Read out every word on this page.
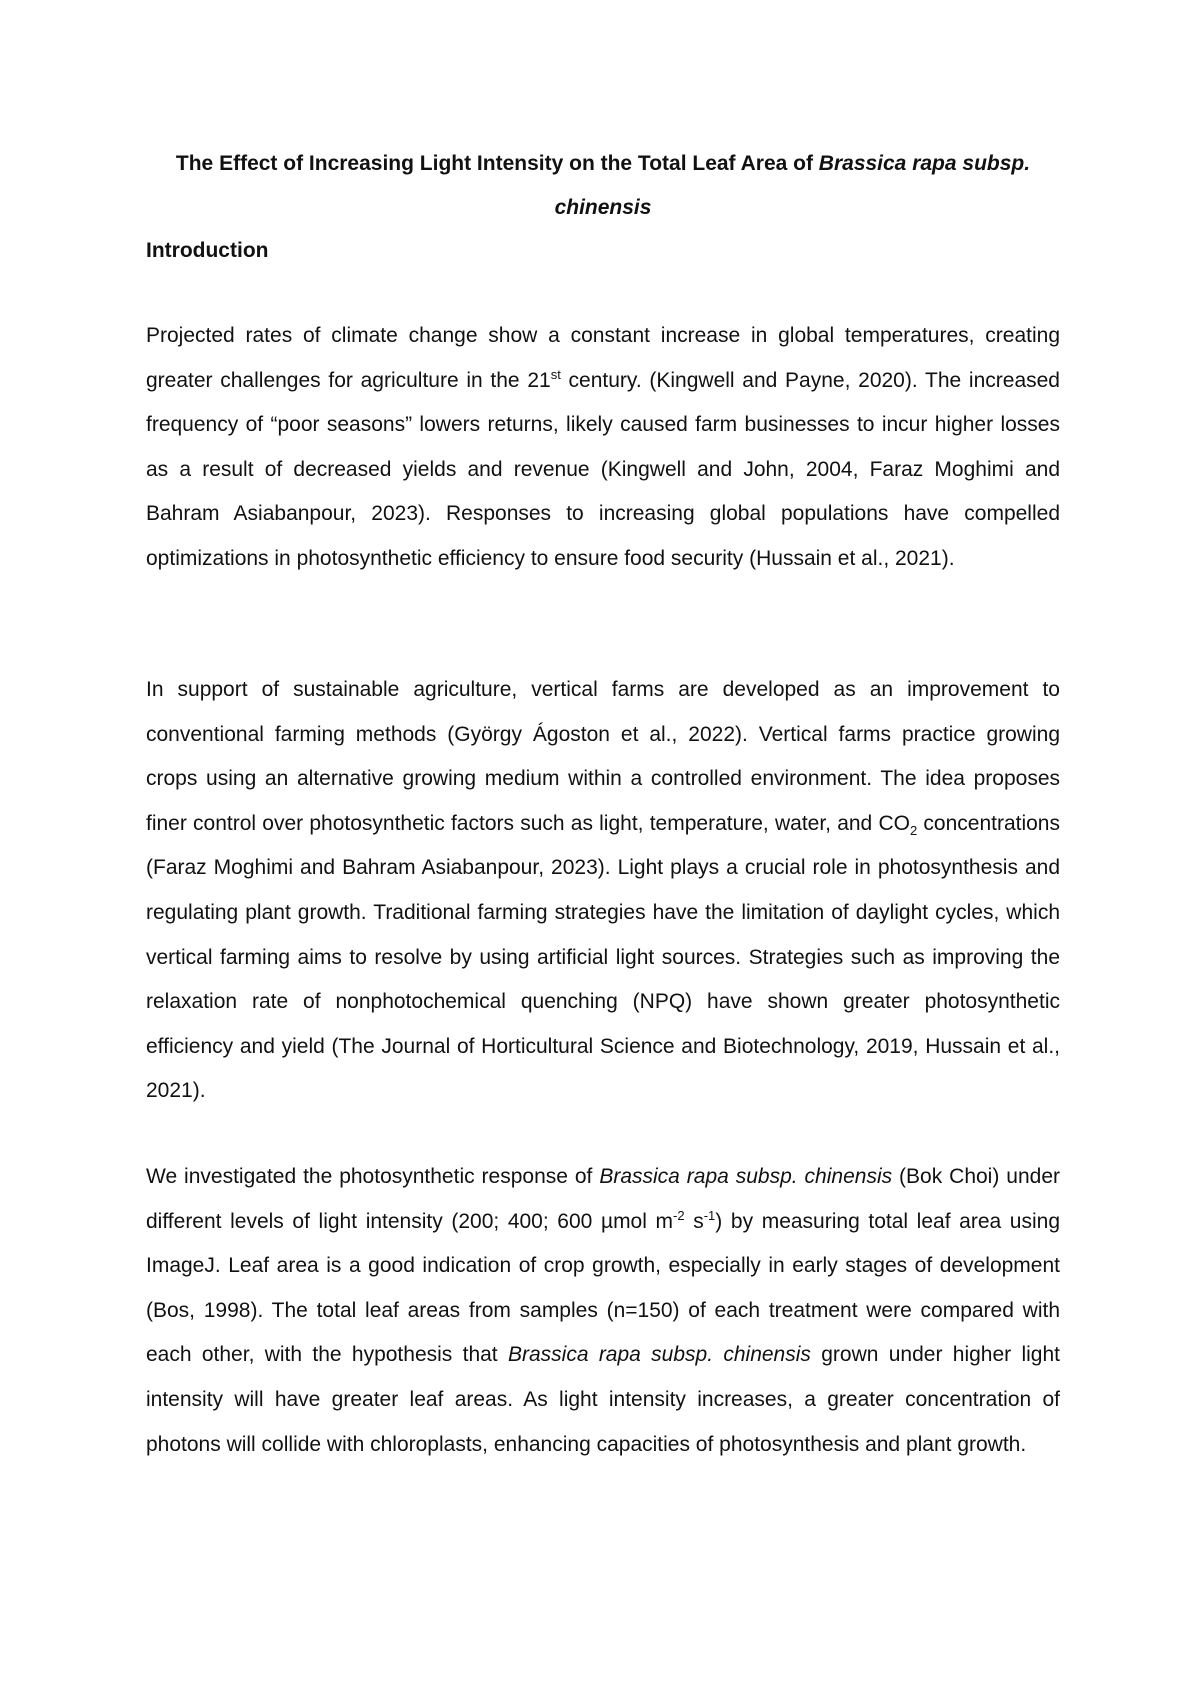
The Effect of Increasing Light Intensity on the Total Leaf Area of Brassica rapa subsp. chinensis
Introduction

Projected rates of climate change show a constant increase in global temperatures, creating greater challenges for agriculture in the 21st century. (Kingwell and Payne, 2020). The increased frequency of “poor seasons” lowers returns, likely caused farm businesses to incur higher losses as a result of decreased yields and revenue (Kingwell and John, 2004, Faraz Moghimi and Bahram Asiabanpour, 2023). Responses to increasing global populations have compelled optimizations in photosynthetic efficiency to ensure food security (Hussain et al., 2021).

In support of sustainable agriculture, vertical farms are developed as an improvement to conventional farming methods (György Ágoston et al., 2022). Vertical farms practice growing crops using an alternative growing medium within a controlled environment. The idea proposes finer control over photosynthetic factors such as light, temperature, water, and $CO_2$ concentrations (Faraz Moghimi and Bahram Asiabanpour, 2023). Light plays a crucial role in photosynthesis and regulating plant growth. Traditional farming strategies have the limitation of daylight cycles, which vertical farming aims to resolve by using artificial light sources. Strategies such as improving the relaxation rate of nonphotochemical quenching (NPQ) have shown greater photosynthetic efficiency and yield (The Journal of Horticultural Science and Biotechnology, 2019, Hussain et al., 2021).

We investigated the photosynthetic response of Brassica rapa subsp. chinensis (Bok Choi) under different levels of light intensity (200; 400; 600 µmol $m^{-2}$ $s^{-1}$) by measuring total leaf area using ImageJ. Leaf area is a good indication of crop growth, especially in early stages of development (Bos, 1998). The total leaf areas from samples (n=150) of each treatment were compared with each other, with the hypothesis that Brassica rapa subsp. chinensis grown under higher light intensity will have greater leaf areas. As light intensity increases, a greater concentration of photons will collide with chloroplasts, enhancing capacities of photosynthesis and plant growth.
